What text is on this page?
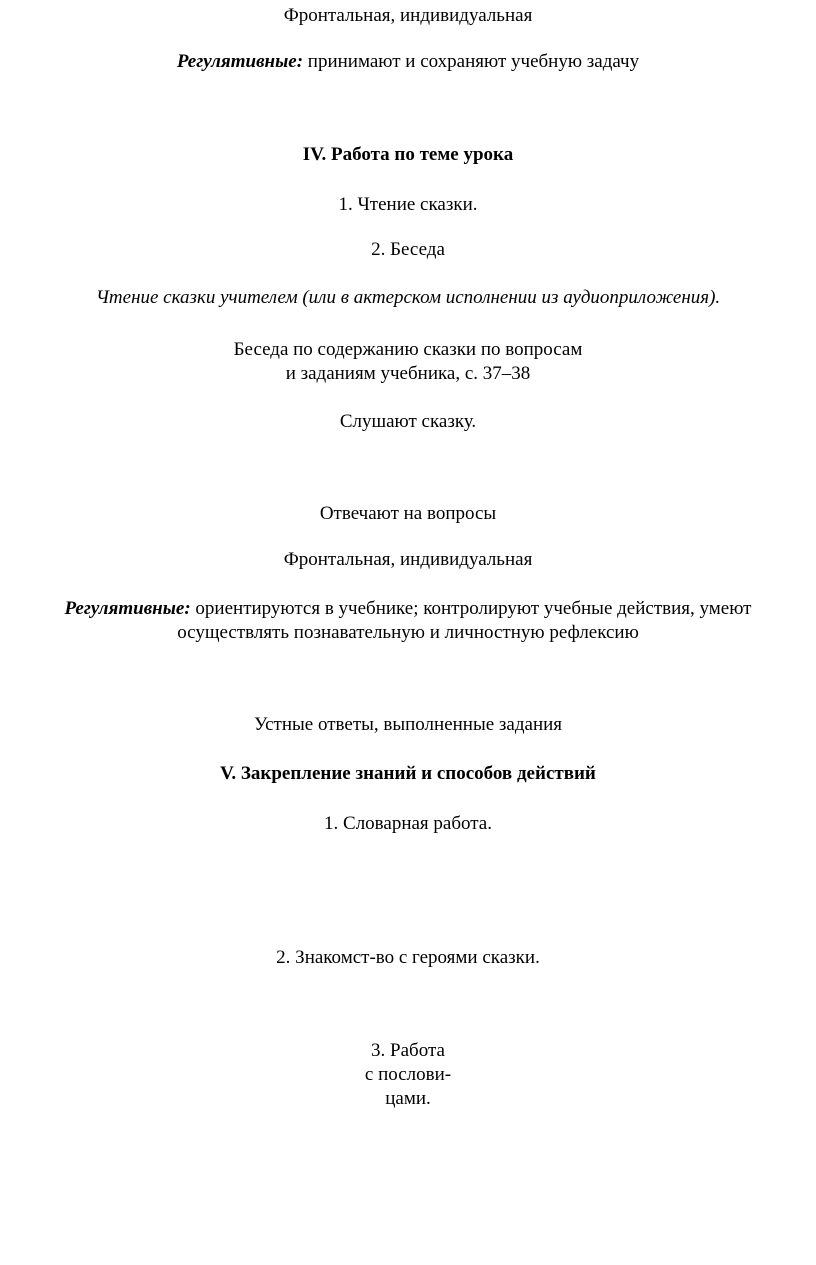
Фронтальная, индивидуальная
Регулятивные: принимают и сохраняют учебную задачу
IV. Работа по теме урока
1. Чтение сказки.
2. Беседа
Чтение сказки учителем (или в актерском исполнении из аудиоприложения).
Беседа по содержанию сказки по вопросам
и заданиям учебника, с. 37–38
Слушают сказку.
Отвечают на вопросы
Фронтальная, индивидуальная
Регулятивные: ориентируются в учебнике; контролируют учебные действия, умеют
осуществлять познавательную и личностную рефлексию
Устные ответы, выполненные задания
V. Закрепление знаний и способов действий
1. Словарная работа.
2. Знакомст-во с героями сказки.
3. Работа
с послови-
цами.
